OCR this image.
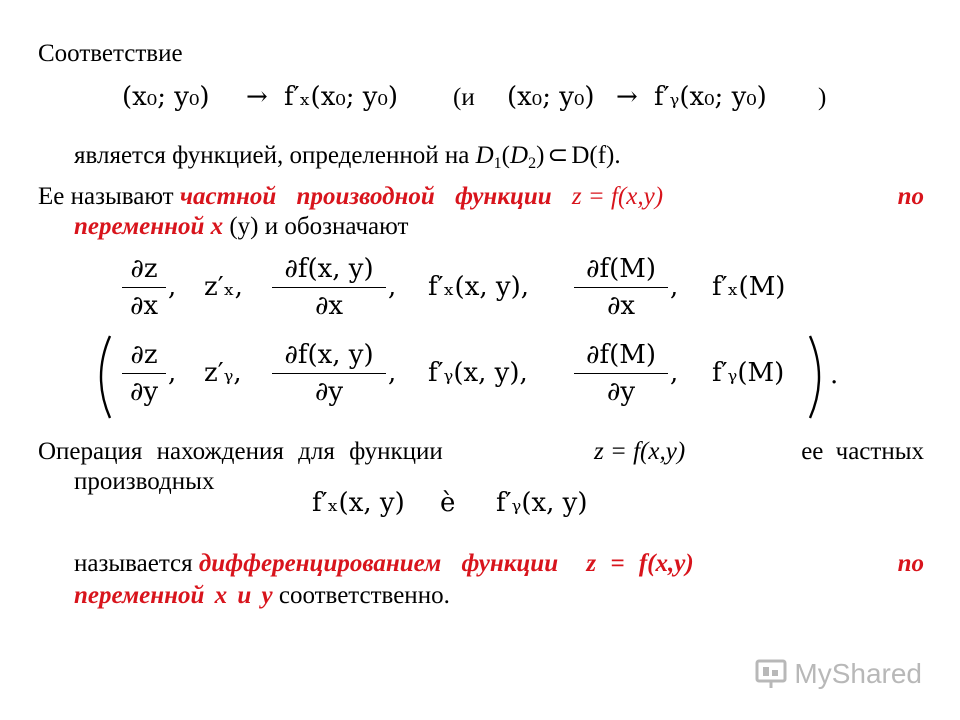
Соответствие
(x₀; y₀) → f′ₓ(x₀; y₀) (и (x₀; y₀) → f′ᵧ(x₀; y₀) )
является функцией, определенной на $D_1(D_2)$ ⊂ D(f).
Ее называют частной производной функции z = f(x,y)	по
переменной x (y) и обозначают
∂z
∂x
, z′ₓ,
∂f(x, y)
∂x
, f′ₓ(x, y),
∂f(M)
∂x
, f′ₓ(M)
∂z
∂y
, z′ᵧ,
∂f(x, y)
∂y
, f′ᵧ(x, y),
∂f(M)
∂y
, f′ᵧ(M) .
Операция нахождения для функции	z = f(x,y)	ее частных
производных
f′ₓ(x, y) è f′ᵧ(x, y)
называется дифференцированием функции z = f(x,y)	по
переменной x и y соответственно.
MyShared
